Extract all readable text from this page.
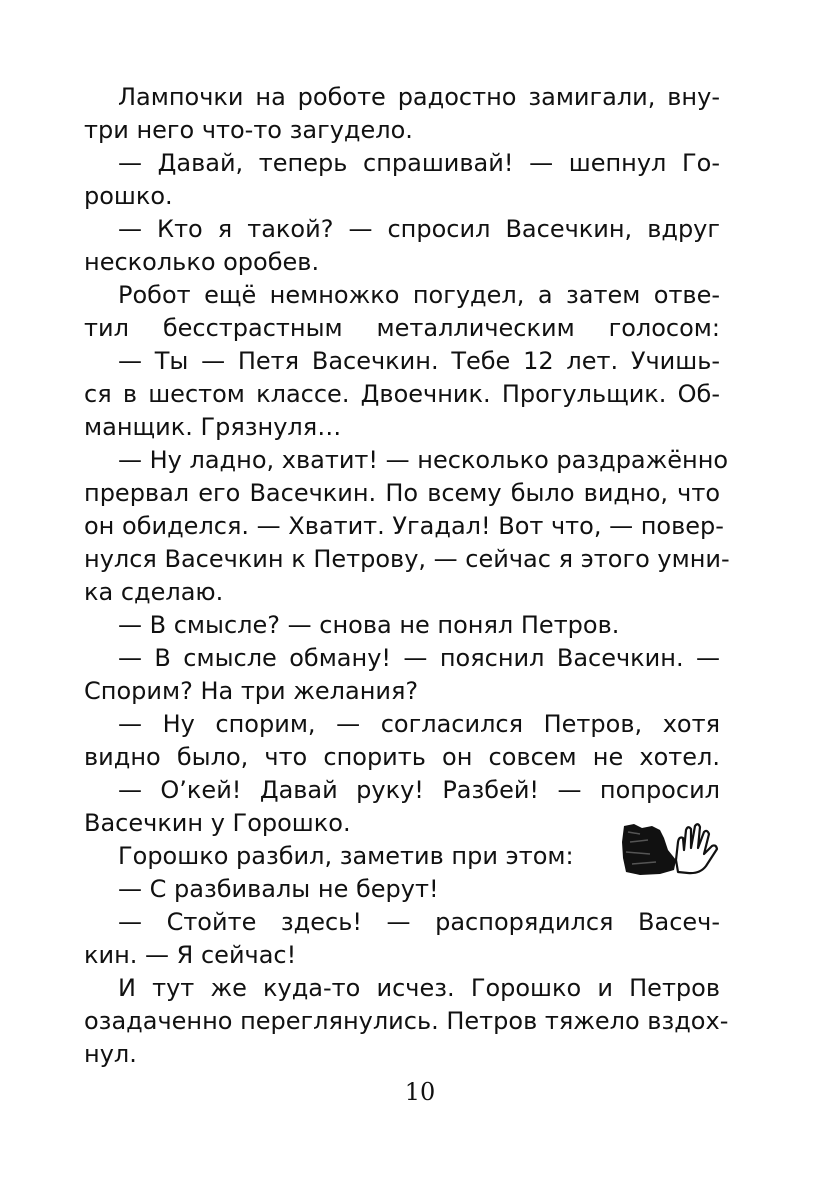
Лампочки на роботе радостно замигали, вну-
три него что-то загудело.
— Давай, теперь спрашивай! — шепнул Го-
рошко.
— Кто я такой? — спросил Васечкин, вдруг
несколько оробев.
Робот ещё немножко погудел, а затем отве-
тил бесстрастным металлическим голосом:
— Ты — Петя Васечкин. Тебе 12 лет. Учишь-
ся в шестом классе. Двоечник. Прогульщик. Об-
манщик. Грязнуля…
— Ну ладно, хватит! — несколько раздражённо
прервал его Васечкин. По всему было видно, что
он обиделся. — Хватит. Угадал! Вот что, — повер-
нулся Васечкин к Петрову, — сейчас я этого умни-
ка сделаю.
— В смысле? — снова не понял Петров.
— В смысле обману! — пояснил Васечкин. —
Спорим? На три желания?
— Ну спорим, — согласился Петров, хотя
видно было, что спорить он совсем не хотел.
— О’кей! Давай руку! Разбей! — попросил
Васечкин у Горошко.
Горошко разбил, заметив при этом:
— С разбивалы не берут!
— Стойте здесь! — распорядился Васеч-
кин. — Я сейчас!
И тут же куда-то исчез. Горошко и Петров
озадаченно переглянулись. Петров тяжело вздох-
нул.
10
